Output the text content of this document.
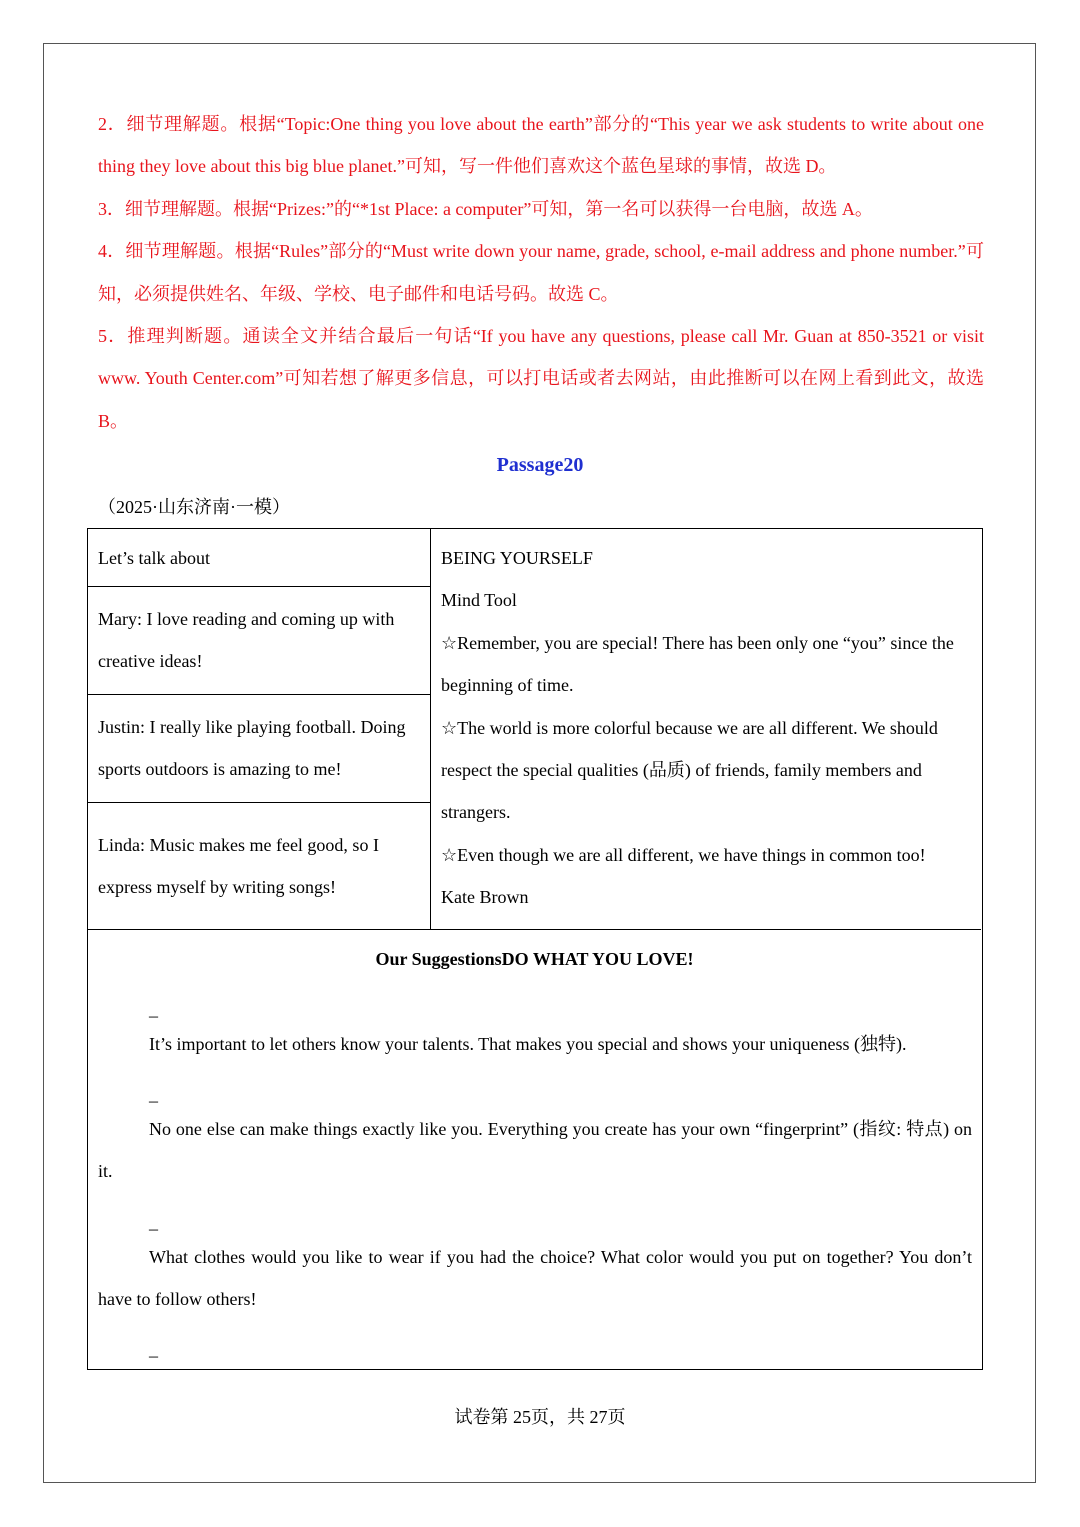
2．细节理解题。根据“Topic:One thing you love about the earth”部分的“This year we ask students to write about one thing they love about this big blue planet.”可知，写一件他们喜欢这个蓝色星球的事情，故选 D。

3．细节理解题。根据“Prizes:”的“*1st Place: a computer”可知，第一名可以获得一台电脑，故选 A。

4．细节理解题。根据“Rules”部分的“Must write down your name, grade, school, e-mail address and phone number.”可知，必须提供姓名、年级、学校、电子邮件和电话号码。故选 C。

5．推理判断题。通读全文并结合最后一句话“If you have any questions, please call Mr. Guan at 850-3521 or visit www. Youth Center.com”可知若想了解更多信息，可以打电话或者去网站，由此推断可以在网上看到此文，故选 B。

Passage20
（2025·山东济南·一模）
Let’s talk about
Mary: I love reading and coming up with creative ideas!
Justin: I really like playing football. Doing sports outdoors is amazing to me!
Linda: Music makes me feel good, so I express myself by writing songs!

BEING YOURSELF

Mind Tool

☆Remember, you are special! There has been only one “you” since the beginning of time.

☆The world is more colorful because we are all different. We should respect the special qualities (品质) of friends, family members and strangers.

☆Even though we are all different, we have things in common too!

Kate Brown

Our SuggestionsDO WHAT YOU LOVE!
_

It’s important to let others know your talents. That makes you special and shows your uniqueness (独特).

_

No one else can make things exactly like you. Everything you create has your own “fingerprint” (指纹: 特点) on it.

_

What clothes would you like to wear if you had the choice? What color would you put on together? You don’t have to follow others!

_
试卷第 25页，共 27页
